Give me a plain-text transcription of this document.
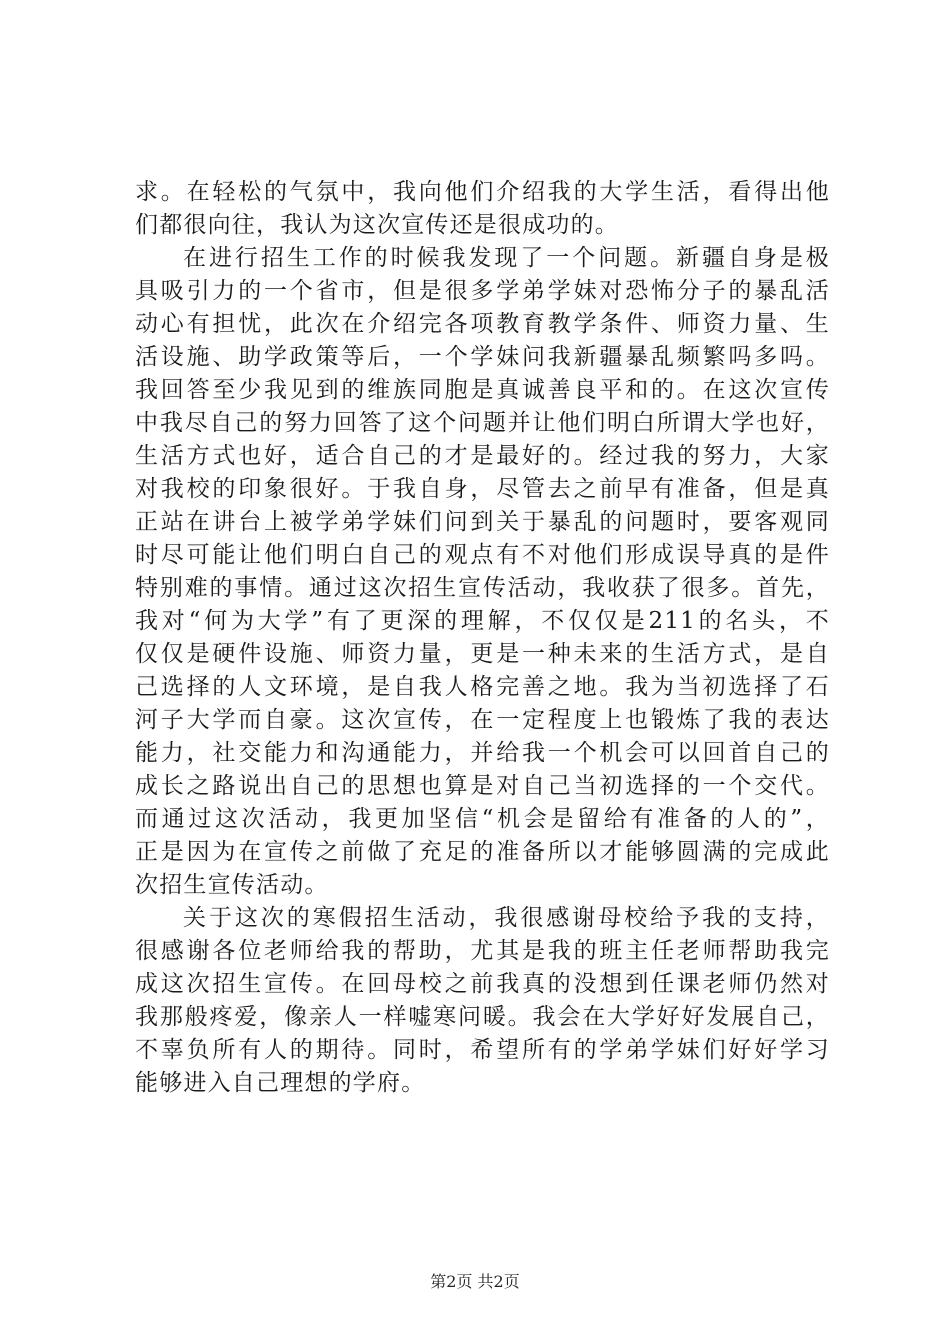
求。在轻松的气氛中，我向他们介绍我的大学生活，看得出他
们都很向往，我认为这次宣传还是很成功的。
在进行招生工作的时候我发现了一个问题。新疆自身是极
具吸引力的一个省市，但是很多学弟学妹对恐怖分子的暴乱活
动心有担忧，此次在介绍完各项教育教学条件、师资力量、生
活设施、助学政策等后，一个学妹问我新疆暴乱频繁吗多吗。
我回答至少我见到的维族同胞是真诚善良平和的。在这次宣传
中我尽自己的努力回答了这个问题并让他们明白所谓大学也好，
生活方式也好，适合自己的才是最好的。经过我的努力，大家
对我校的印象很好。于我自身，尽管去之前早有准备，但是真
正站在讲台上被学弟学妹们问到关于暴乱的问题时，要客观同
时尽可能让他们明白自己的观点有不对他们形成误导真的是件
特别难的事情。通过这次招生宣传活动，我收获了很多。首先，
我对“何为大学”有了更深的理解，不仅仅是211的名头，不
仅仅是硬件设施、师资力量，更是一种未来的生活方式，是自
己选择的人文环境，是自我人格完善之地。我为当初选择了石
河子大学而自豪。这次宣传，在一定程度上也锻炼了我的表达
能力，社交能力和沟通能力，并给我一个机会可以回首自己的
成长之路说出自己的思想也算是对自己当初选择的一个交代。
而通过这次活动，我更加坚信“机会是留给有准备的人的”，
正是因为在宣传之前做了充足的准备所以才能够圆满的完成此
次招生宣传活动。
关于这次的寒假招生活动，我很感谢母校给予我的支持，
很感谢各位老师给我的帮助，尤其是我的班主任老师帮助我完
成这次招生宣传。在回母校之前我真的没想到任课老师仍然对
我那般疼爱，像亲人一样嘘寒问暖。我会在大学好好发展自己，
不辜负所有人的期待。同时，希望所有的学弟学妹们好好学习
能够进入自己理想的学府。
第2页 共2页
